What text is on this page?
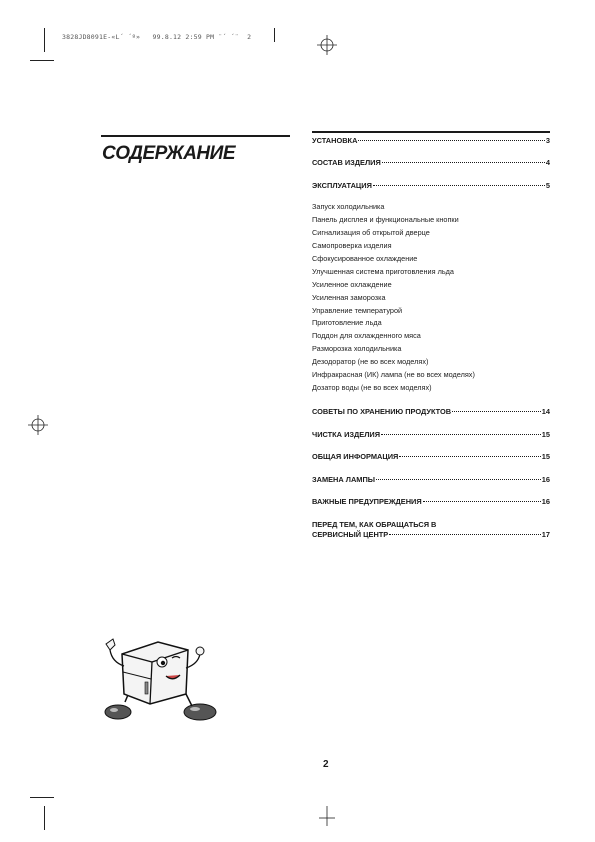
3828JD8091E-«L´ ´º»   99.8.12 2:59 PM ¨´ ´¨  2
СОДЕРЖАНИЕ
УСТАНОВКА	3
СОСТАВ ИЗДЕЛИЯ	4
ЭКСПЛУАТАЦИЯ	5
Запуск холодильника
Панель дисплея и функциональные кнопки
Сигнализация об открытой дверце
Самопроверка изделия
Сфокусированное охлаждение
Улучшенная система приготовления льда
Усиленное охлаждение
Усиленная заморозка
Управление температурой
Приготовление льда
Поддон для охлажденного мяса
Разморозка холодильника
Дезодоратор (не во всех моделях)
Инфракрасная (ИК) лампа (не во всех моделях)
Дозатор воды (не во всех моделях)
СОВЕТЫ ПО ХРАНЕНИЮ ПРОДУКТОВ	14
ЧИСТКА ИЗДЕЛИЯ	15
ОБЩАЯ ИНФОРМАЦИЯ	15
ЗАМЕНА ЛАМПЫ	16
ВАЖНЫЕ ПРЕДУПРЕЖДЕНИЯ	16
ПЕРЕД ТЕМ, КАК ОБРАЩАТЬСЯ В
СЕРВИСНЫЙ ЦЕНТР	17
2
